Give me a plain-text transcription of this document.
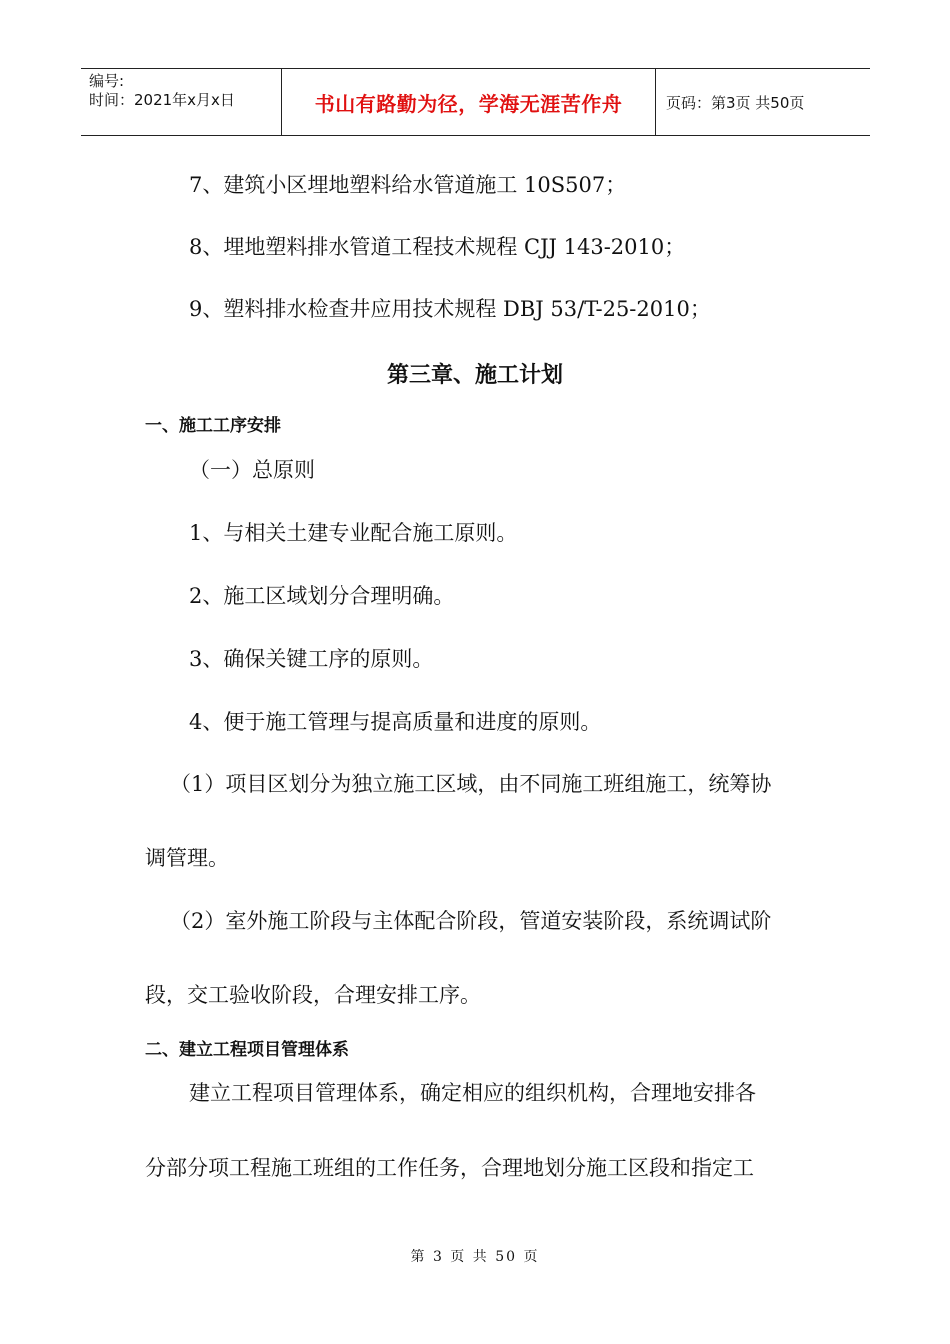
编号:
时间：2021年x月x日	书山有路勤为径，学海无涯苦作舟	页码：第3页 共50页
7、建筑小区埋地塑料给水管道施工 10S507；
8、埋地塑料排水管道工程技术规程 CJJ 143-2010；
9、塑料排水检查井应用技术规程 DBJ 53/T-25-2010；
第三章、施工计划
一、施工工序安排
（一）总原则
1、与相关土建专业配合施工原则。
2、施工区域划分合理明确。
3、确保关键工序的原则。
4、便于施工管理与提高质量和进度的原则。
（1）项目区划分为独立施工区域，由不同施工班组施工，统筹协
调管理。
（2）室外施工阶段与主体配合阶段，管道安装阶段，系统调试阶
段，交工验收阶段，合理安排工序。
二、建立工程项目管理体系
建立工程项目管理体系，确定相应的组织机构，合理地安排各
分部分项工程施工班组的工作任务，合理地划分施工区段和指定工
第 3 页 共 50 页
